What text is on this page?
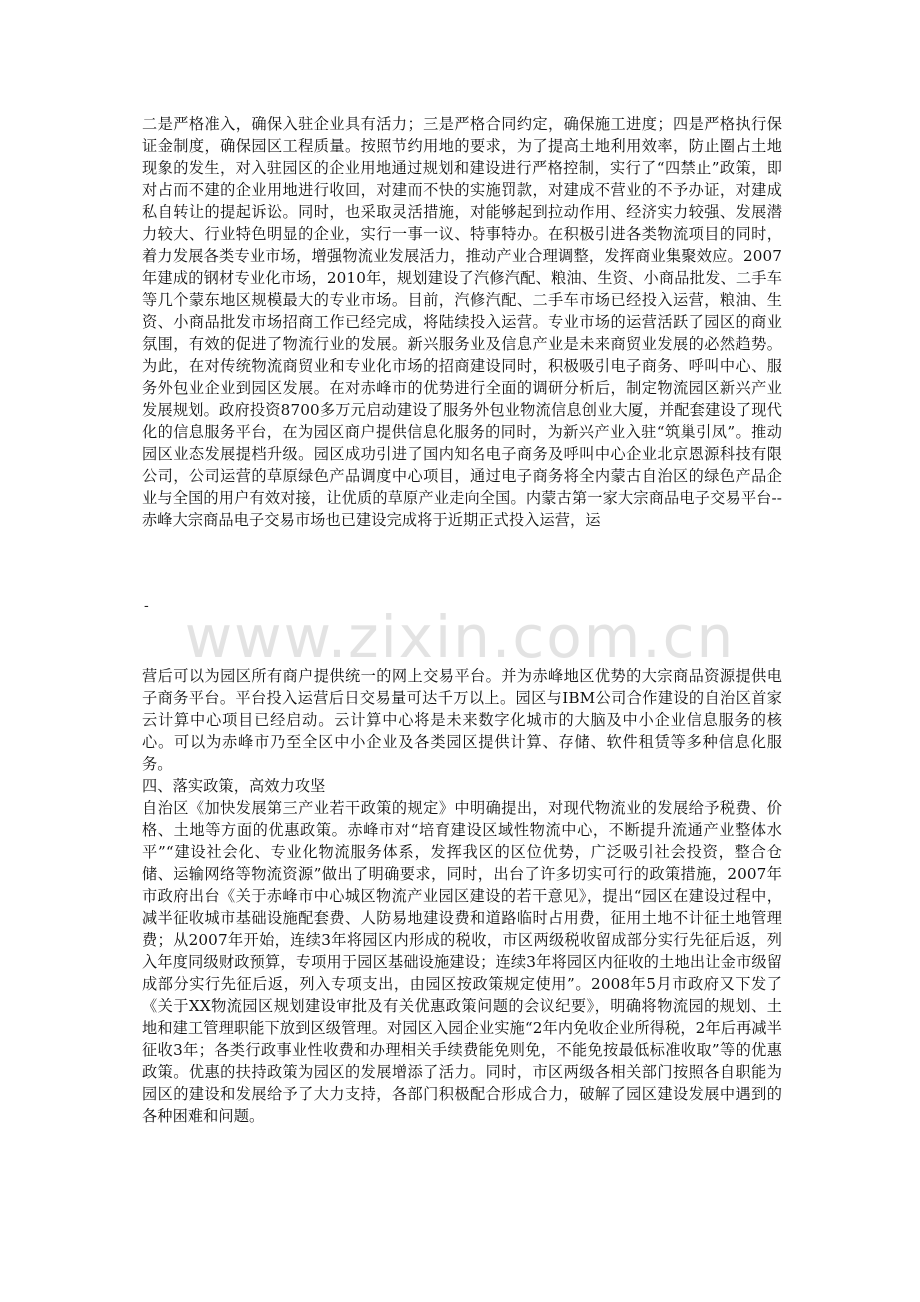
二是严格准入，确保入驻企业具有活力；三是严格合同约定，确保施工进度；四是严格执行保证金制度，确保园区工程质量。按照节约用地的要求，为了提高土地利用效率，防止圈占土地现象的发生，对入驻园区的企业用地通过规划和建设进行严格控制，实行了“四禁止”政策，即对占而不建的企业用地进行收回，对建而不快的实施罚款，对建成不营业的不予办证，对建成私自转让的提起诉讼。同时，也采取灵活措施，对能够起到拉动作用、经济实力较强、发展潜力较大、行业特色明显的企业，实行一事一议、特事特办。在积极引进各类物流项目的同时，着力发展各类专业市场，增强物流业发展活力，推动产业合理调整，发挥商业集聚效应。2007年建成的钢材专业化市场，2010年，规划建设了汽修汽配、粮油、生资、小商品批发、二手车等几个蒙东地区规模最大的专业市场。目前，汽修汽配、二手车市场已经投入运营，粮油、生资、小商品批发市场招商工作已经完成，将陆续投入运营。专业市场的运营活跃了园区的商业氛围，有效的促进了物流行业的发展。新兴服务业及信息产业是未来商贸业发展的必然趋势。为此，在对传统物流商贸业和专业化市场的招商建设同时，积极吸引电子商务、呼叫中心、服务外包业企业到园区发展。在对赤峰市的优势进行全面的调研分析后，制定物流园区新兴产业发展规划。政府投资8700多万元启动建设了服务外包业物流信息创业大厦，并配套建设了现代化的信息服务平台，在为园区商户提供信息化服务的同时，为新兴产业入驻“筑巢引凤”。推动园区业态发展提档升级。园区成功引进了国内知名电子商务及呼叫中心企业北京恩源科技有限公司，公司运营的草原绿色产品调度中心项目，通过电子商务将全内蒙古自治区的绿色产品企业与全国的用户有效对接，让优质的草原产业走向全国。内蒙古第一家大宗商品电子交易平台--赤峰大宗商品电子交易市场也已建设完成将于近期正式投入运营，运

- www.zixin.com.cn

营后可以为园区所有商户提供统一的网上交易平台。并为赤峰地区优势的大宗商品资源提供电子商务平台。平台投入运营后日交易量可达千万以上。园区与IBM公司合作建设的自治区首家云计算中心项目已经启动。云计算中心将是未来数字化城市的大脑及中小企业信息服务的核心。可以为赤峰市乃至全区中小企业及各类园区提供计算、存储、软件租赁等多种信息化服务。

四、落实政策，高效力攻坚

自治区《加快发展第三产业若干政策的规定》中明确提出，对现代物流业的发展给予税费、价格、土地等方面的优惠政策。赤峰市对“培育建设区域性物流中心，不断提升流通产业整体水平”“建设社会化、专业化物流服务体系，发挥我区的区位优势，广泛吸引社会投资，整合仓储、运输网络等物流资源”做出了明确要求，同时，出台了许多切实可行的政策措施，2007年市政府出台《关于赤峰市中心城区物流产业园区建设的若干意见》，提出“园区在建设过程中，减半征收城市基础设施配套费、人防易地建设费和道路临时占用费，征用土地不计征土地管理费；从2007年开始，连续3年将园区内形成的税收，市区两级税收留成部分实行先征后返，列入年度同级财政预算，专项用于园区基础设施建设；连续3年将园区内征收的土地出让金市级留成部分实行先征后返，列入专项支出，由园区按政策规定使用”。2008年5月市政府又下发了《关于XX物流园区规划建设审批及有关优惠政策问题的会议纪要》，明确将物流园的规划、土地和建工管理职能下放到区级管理。对园区入园企业实施“2年内免收企业所得税，2年后再减半征收3年；各类行政事业性收费和办理相关手续费能免则免，不能免按最低标准收取”等的优惠政策。优惠的扶持政策为园区的发展增添了活力。同时，市区两级各相关部门按照各自职能为园区的建设和发展给予了大力支持，各部门积极配合形成合力，破解了园区建设发展中遇到的各种困难和问题。
